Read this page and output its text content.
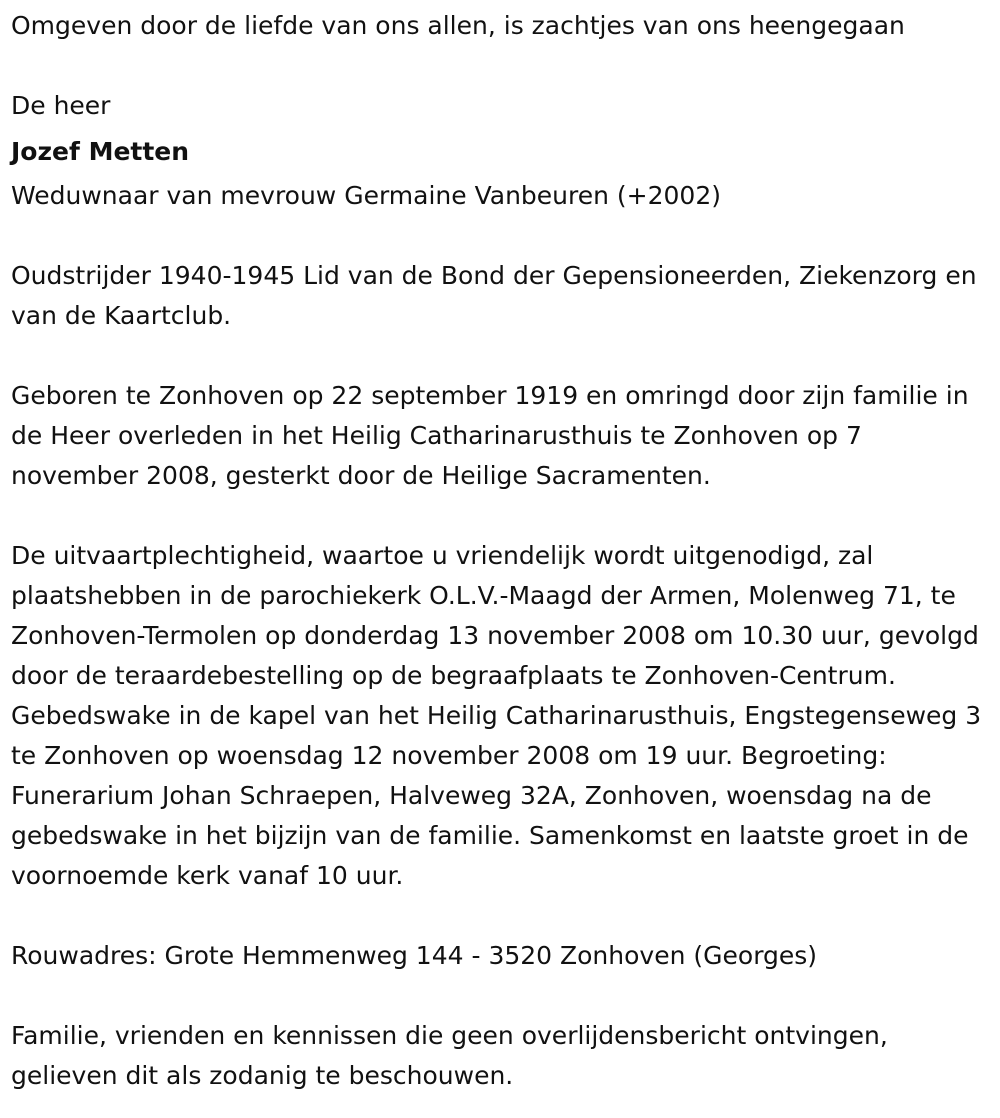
Omgeven door de liefde van ons allen, is zachtjes van ons heengegaan

De heer

Jozef Metten

Weduwnaar van mevrouw Germaine Vanbeuren (+2002)

Oudstrijder 1940-1945 Lid van de Bond der Gepensioneerden, Ziekenzorg en van de Kaartclub.

Geboren te Zonhoven op 22 september 1919 en omringd door zijn familie in de Heer overleden in het Heilig Catharinarusthuis te Zonhoven op 7 november 2008, gesterkt door de Heilige Sacramenten.

De uitvaartplechtigheid, waartoe u vriendelijk wordt uitgenodigd, zal plaatshebben in de parochiekerk O.L.V.-Maagd der Armen, Molenweg 71, te Zonhoven-Termolen op donderdag 13 november 2008 om 10.30 uur, gevolgd door de teraardebestelling op de begraafplaats te Zonhoven-Centrum. Gebedswake in de kapel van het Heilig Catharinarusthuis, Engstegenseweg 3 te Zonhoven op woensdag 12 november 2008 om 19 uur. Begroeting: Funerarium Johan Schraepen, Halveweg 32A, Zonhoven, woensdag na de gebedswake in het bijzijn van de familie. Samenkomst en laatste groet in de voornoemde kerk vanaf 10 uur.

Rouwadres: Grote Hemmenweg 144 - 3520 Zonhoven (Georges)

Familie, vrienden en kennissen die geen overlijdensbericht ontvingen, gelieven dit als zodanig te beschouwen.
